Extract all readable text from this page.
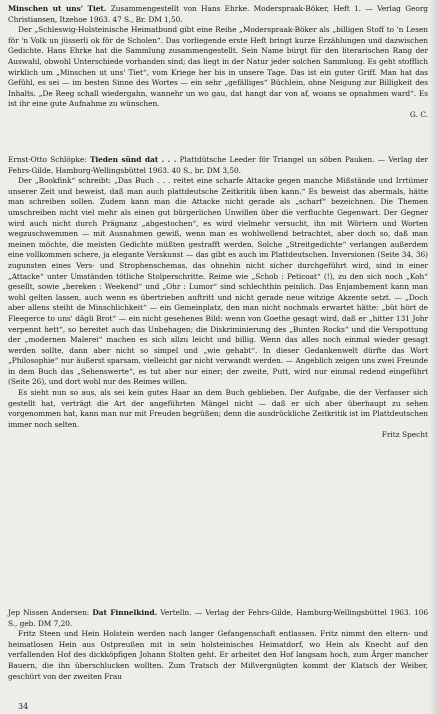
Minschen ut uns' Tiet. Zusammengestellt von Hans Ehrke. Moderspraak-Böker, Heft 1. — Verlag Georg Christiansen, Itzehoe 1963. 47 S., Br. DM 1,50.

Der „Schleswig-Holsteinische Heimatbund gibt eine Reihe „Moderspraak-Böker als „billigen Stoff to 'n Lesen för 'n Volk un jüsserli ok för de Scholen“. Das vorliegende erste Heft bringt kurze Erzählungen und dazwischen Gedichte. Hans Ehrke hat die Sammlung zusammengestellt. Sein Name bürgt für den literarischen Rang der Auswahl, obwohl Unterschiede vorhanden sind; das liegt in der Natur jeder solchen Sammlung. Es geht stofflich wirklich um „Minschen ut uns' Tiet“, vom Kriege her bis in unsere Tage. Das ist ein guter Griff. Man hat das Gefühl, es sei — im besten Sinne des Wortes — ein sehr „gefälliges“ Büchlein, ohne Neigung zur Billigkeit des Inhalts. „De Reeg schall wiedergahn, wannehr un wo gau, dat hangt dar von af, woans se opnahmen ward“. Es ist ihr eine gute Aufnahme zu wünschen.

G. C.

Ernst-Otto Schlöpke: Tieden sünd dat . . . Plattdütsche Leeder för Triangel un söben Pauken. — Verlag der Fehrs-Gilde, Hamburg-Wellingsbüttel 1963. 40 S., br. DM 3,50.

Der „Bookfink“ schreibt: „Das Buch . . . reitet eine scharfe Attacke gegen manche Mißstände und Irrtümer unserer Zeit und beweist, daß man auch plattdeutsche Zeitkritik üben kann.“ Es beweist das abermals, hätte man schreiben sollen. Zudem kann man die Attacke nicht gerade als „scharf“ bezeichnen. Die Themen umschreiben nicht viel mehr als einen gut bürgerlichen Unwillen über die verfluchte Gegenwart. Der Gegner wird auch nicht durch Prägnanz „abgestochen“, es wird vielmehr versucht, ihn mit Wörtern und Worten wegzuschwemmen — mit Ausnahmen gewiß, wenn man es wohlwollend betrachtet, aber doch so, daß man meinen möchte, die meisten Gedichte müßten gestrafft werden. Solche „Streitgedichte“ verlangen außerdem eine vollkommen schere, ja elegante Verskunst — das gibt es auch im Plattdeutschen. Inversionen (Seite 34, 36) zugunsten eines Vers- und Strophenschemas, das ohnehin nicht sicher durchgeführt wird, sind in einer „Attacke“ unter Umständen tötliche Stolperschritte. Reime wie „Schob : Peticoat“ (!), zu den sich noch „Koh“ gesellt, sowie „bereken : Weekend“ und „Ohr : Lumor“ sind schlechthin peinlich. Das Enjambement kann man wohl gelten lassen, auch wenn es übertrieben auftritt und nicht gerade neue witzige Akzente setzt. — „Doch aber allens steiht de Minschlichkeit“ — ein Gemeinplatz, den man nicht nochmals erwartet hätte: „büt hört de Fleegerce to uns' dägli Brot“ — ein nicht gesehenes Bild: wenn von Goethe gesagt wird, daß er „hitter 131 Johr verpennt hett“, so bereitet auch das Unbehagen; die Diskriminierung des „Bunten Rocks“ und die Verspottung der „modernen Malerei“ machen es sich allzu leicht und billig. Wenn das alles noch einmal wieder gesagt werden sollte, dann aber nicht so simpel und „wie gehabt“. In dieser Gedankenwelt dürfte das Wort „Philosophie“ nur äußerst sparsam, vielleicht gar nicht verwandt werden. — Angeblich zeigen uns zwei Freunde in dem Buch das „Sehenswerte“, es tut aber nur einer; der zweite, Putt, wird nur einmal redend eingeführt (Seite 26), und dort wohl nur des Reimes willen.

Es sieht nun so aus, als sei kein gutes Haar an dem Buch geblieben. Der Aufgabe, die der Verfasser sich gestellt hat, verträgt die Art der angeführten Mängel nicht — daß er sich aber überhaupt zu sehen vorgenommen hat, kann man nur mit Freuden begrüßen; denn die ausdrückliche Zeitkritik ist im Plattdeutschen immer noch selten.

Fritz Specht

Jep Nissen Andersen: Dat Finnelkind. Vertelln. — Verlag der Fehrs-Gilde, Hamburg-Wellingsbüttel 1963. 106 S., geb. DM 7,20.

Fritz Steen und Hein Holstein werden nach langer Gefangenschaft entlassen. Fritz nimmt den eltern- und heimatlosen Hein aus Ostpreußen mit in sein holsteinisches Heimatdorf, wo Hein als Knecht auf den verfallenden Hof des dickköpfigen Johann Stolten geht. Er arbeitet den Hof langsam hoch, zum Ärger mancher Bauern, die ihn überschlucken wollten. Zum Tratsch der Mißvergnügten kommt der Klatsch der Weiber, geschürt von der zweiten Frau

34
